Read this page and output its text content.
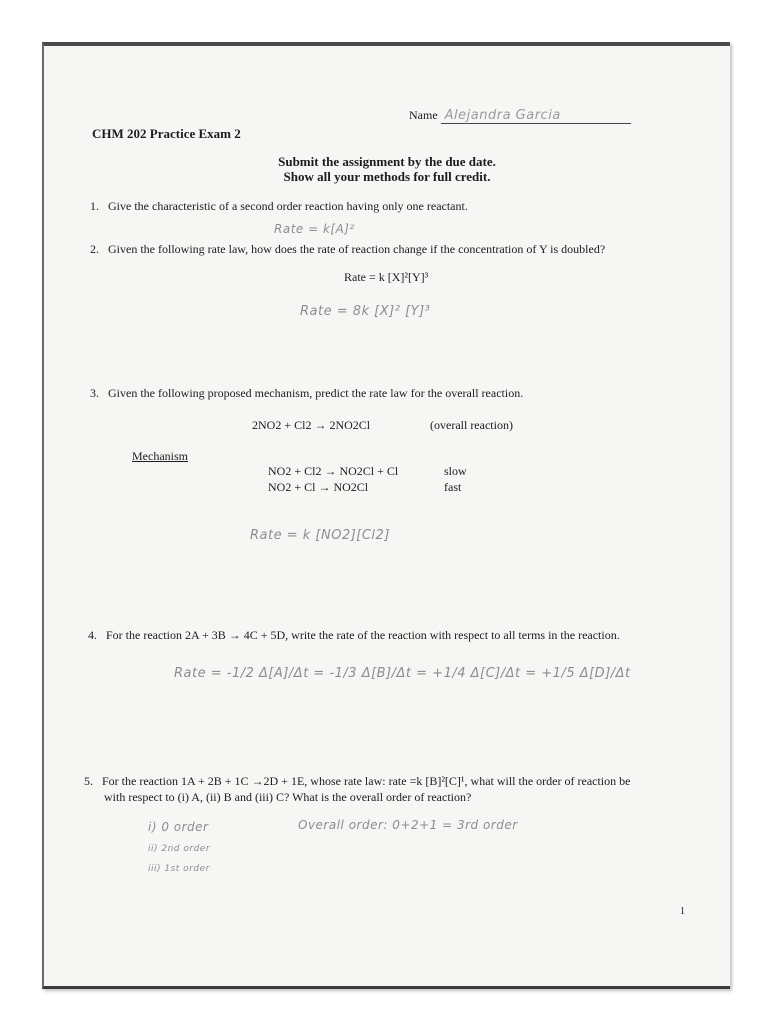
Name Alejandra Garcia
CHM 202 Practice Exam 2
Submit the assignment by the due date.
Show all your methods for full credit.
1. Give the characteristic of a second order reaction having only one reactant.
Rate = k[A]²
2. Given the following rate law, how does the rate of reaction change if the concentration of Y is doubled?
Rate = k [X]²[Y]³
Rate = 8k [X]² [Y]³
3. Given the following proposed mechanism, predict the rate law for the overall reaction.
2NO2 + Cl2 → 2NO2Cl	(overall reaction)
Mechanism
NO2 + Cl2 → NO2Cl + Cl	slow
NO2 + Cl → NO2Cl	fast
Rate = k [NO2][Cl2]
4. For the reaction 2A + 3B → 4C + 5D, write the rate of the reaction with respect to all terms in the reaction.
Rate = -1/2 Δ[A]/Δt = -1/3 Δ[B]/Δt = +1/4 Δ[C]/Δt = +1/5 Δ[D]/Δt
5. For the reaction 1A + 2B + 1C →2D + 1E, whose rate law: rate =k [B]²[C]¹, what will the order of reaction be
with respect to (i) A, (ii) B and (iii) C? What is the overall order of reaction?
i) 0 order	Overall order: 0+2+1 = 3rd order
ii) 2nd order
iii) 1st order
1
